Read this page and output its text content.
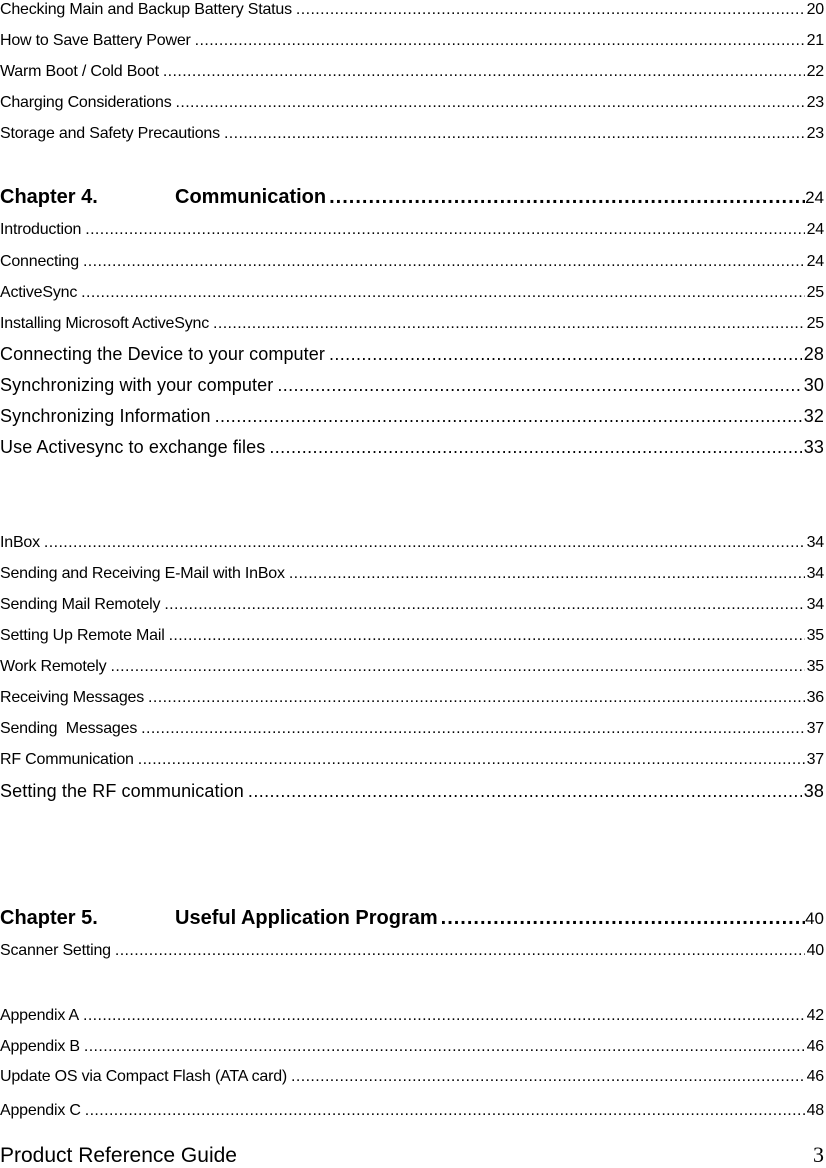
Checking Main and Backup Battery Status .....	20
How to Save Battery Power .....	21
Warm Boot / Cold Boot .....	22
Charging Considerations .....	23
Storage and Safety Precautions .....	23
Chapter 4.	Communication .....	24
Introduction .....	24
Connecting .....	24
ActiveSync .....	25
Installing Microsoft ActiveSync .....	25
Connecting the Device to your computer .....	28
Synchronizing with your computer .....	30
Synchronizing Information .....	32
Use Activesync to exchange files .....	33
InBox .....	34
Sending and Receiving E-Mail with InBox .....	34
Sending Mail Remotely .....	34
Setting Up Remote Mail .....	35
Work Remotely .....	35
Receiving Messages .....	36
Sending  Messages .....	37
RF Communication .....	37
Setting the RF communication .....	38
Chapter 5.	Useful Application Program .....	40
Scanner Setting .....	40
Appendix A .....	42
Appendix B .....	46
Update OS via Compact Flash (ATA card) .....	46
Appendix C .....	48
Product Reference Guide	3
